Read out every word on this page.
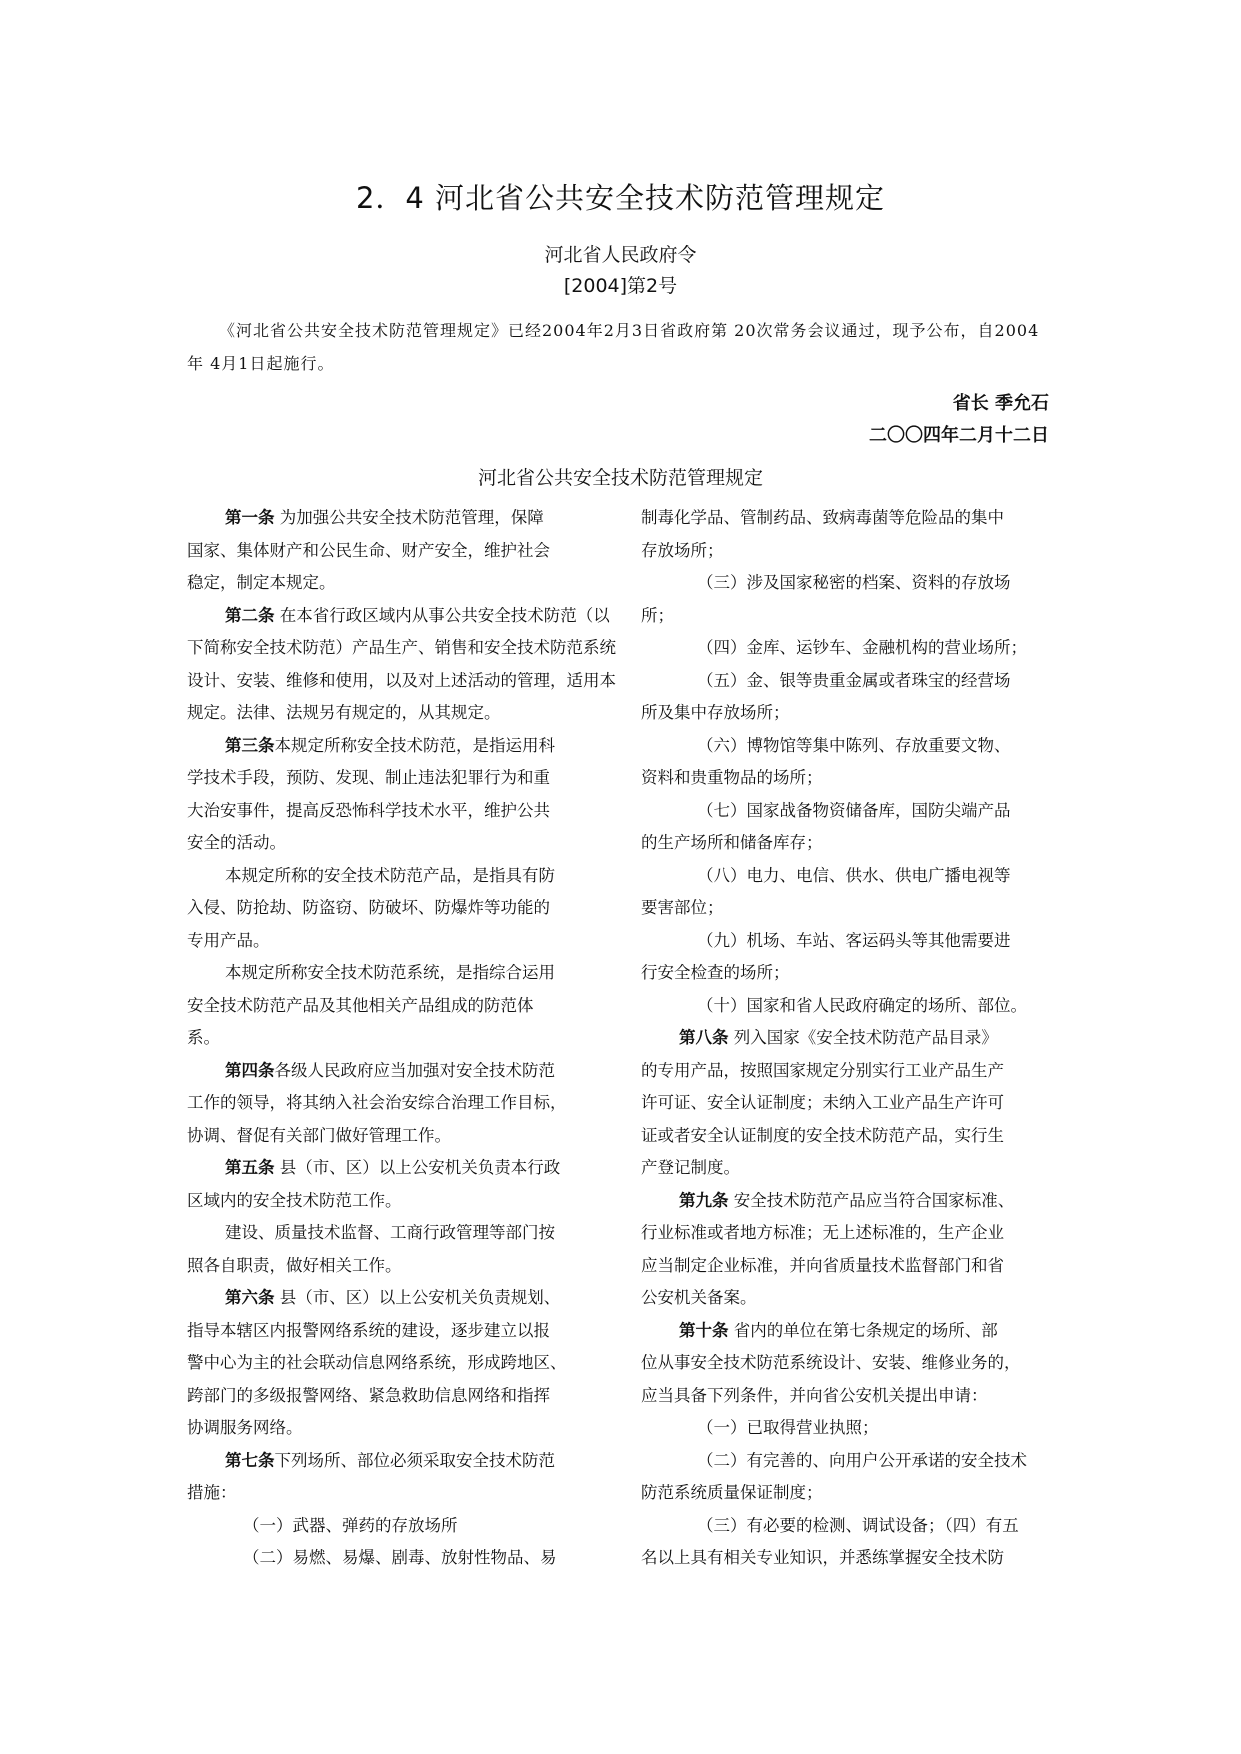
2．4 河北省公共安全技术防范管理规定
河北省人民政府令
[2004]第2号
《河北省公共安全技术防范管理规定》已经2004年2月3日省政府第 20次常务会议通过，现予公布，自2004
年 4月1日起施行。
省长 季允石
二〇〇四年二月十二日
河北省公共安全技术防范管理规定
第一条 为加强公共安全技术防范管理，保障
国家、集体财产和公民生命、财产安全，维护社会
稳定，制定本规定。
第二条 在本省行政区域内从事公共安全技术防范（以
下简称安全技术防范）产品生产、销售和安全技术防范系统
设计、安装、维修和使用，以及对上述活动的管理，适用本
规定。法律、法规另有规定的，从其规定。
第三条本规定所称安全技术防范，是指运用科
学技术手段，预防、发现、制止违法犯罪行为和重
大治安事件，提高反恐怖科学技术水平，维护公共
安全的活动。
本规定所称的安全技术防范产品，是指具有防
入侵、防抢劫、防盗窃、防破坏、防爆炸等功能的
专用产品。
本规定所称安全技术防范系统，是指综合运用
安全技术防范产品及其他相关产品组成的防范体
系。
第四条各级人民政府应当加强对安全技术防范
工作的领导，将其纳入社会治安综合治理工作目标，
协调、督促有关部门做好管理工作。
第五条 县（市、区）以上公安机关负责本行政
区域内的安全技术防范工作。
建设、质量技术监督、工商行政管理等部门按
照各自职责，做好相关工作。
第六条 县（市、区）以上公安机关负责规划、
指导本辖区内报警网络系统的建设，逐步建立以报
警中心为主的社会联动信息网络系统，形成跨地区、
跨部门的多级报警网络、紧急救助信息网络和指挥
协调服务网络。
第七条下列场所、部位必须采取安全技术防范
措施：
（一）武器、弹药的存放场所
（二）易燃、易爆、剧毒、放射性物品、易
制毒化学品、管制药品、致病毒菌等危险品的集中
存放场所；
（三）涉及国家秘密的档案、资料的存放场
所；
（四）金库、运钞车、金融机构的营业场所；
（五）金、银等贵重金属或者珠宝的经营场
所及集中存放场所；
（六）博物馆等集中陈列、存放重要文物、
资料和贵重物品的场所；
（七）国家战备物资储备库，国防尖端产品
的生产场所和储备库存；
（八）电力、电信、供水、供电广播电视等
要害部位；
（九）机场、车站、客运码头等其他需要进
行安全检查的场所；
（十）国家和省人民政府确定的场所、部位。
第八条 列入国家《安全技术防范产品目录》
的专用产品，按照国家规定分别实行工业产品生产
许可证、安全认证制度；未纳入工业产品生产许可
证或者安全认证制度的安全技术防范产品，实行生
产登记制度。
第九条 安全技术防范产品应当符合国家标准、
行业标准或者地方标准；无上述标准的，生产企业
应当制定企业标准，并向省质量技术监督部门和省
公安机关备案。
第十条 省内的单位在第七条规定的场所、部
位从事安全技术防范系统设计、安装、维修业务的，
应当具备下列条件，并向省公安机关提出申请：
（一）已取得营业执照；
（二）有完善的、向用户公开承诺的安全技术
防范系统质量保证制度；
（三）有必要的检测、调试设备；（四）有五
名以上具有相关专业知识，并悉练掌握安全技术防
